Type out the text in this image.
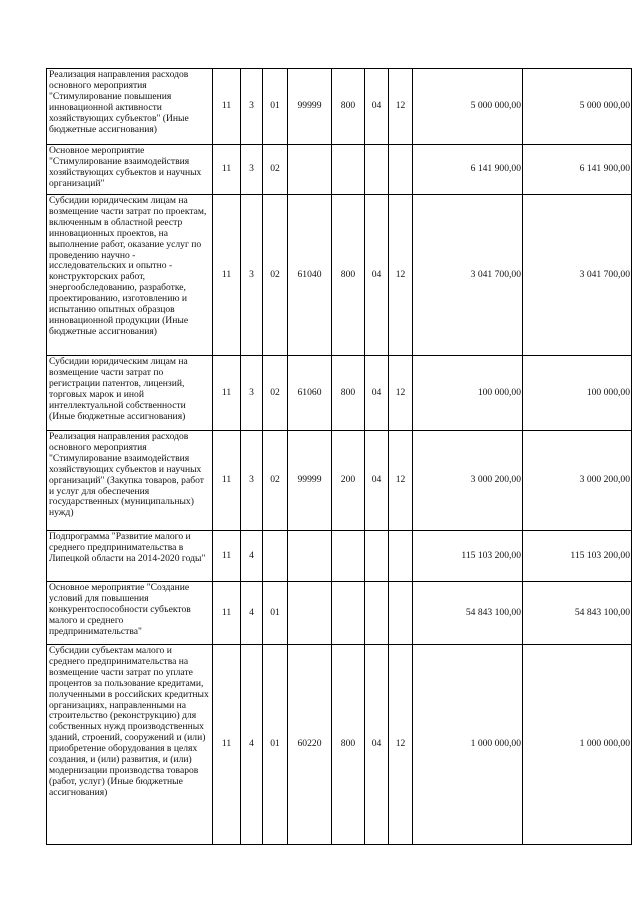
Реализация направления расходов основного мероприятия "Стимулирование повышения инновационной активности хозяйствующих субъектов" (Иные бюджетные ассигнования)	11	3	01	99999	800	04	12	5 000 000,00	5 000 000,00
Основное мероприятие "Стимулирование взаимодействия хозяйствующих субъектов и научных организаций"	11	3	02					6 141 900,00	6 141 900,00
Субсидии юридическим лицам на возмещение части затрат по проектам, включенным в областной реестр инновационных проектов, на выполнение работ, оказание услуг по проведению научно - исследовательских и опытно - конструкторских работ, энергообследованию, разработке, проектированию, изготовлению и испытанию опытных образцов инновационной продукции (Иные бюджетные ассигнования)	11	3	02	61040	800	04	12	3 041 700,00	3 041 700,00
Субсидии юридическим лицам на возмещение части затрат по регистрации патентов, лицензий, торговых марок и иной интеллектуальной собственности (Иные бюджетные ассигнования)	11	3	02	61060	800	04	12	100 000,00	100 000,00
Реализация направления расходов основного мероприятия "Стимулирование взаимодействия хозяйствующих субъектов и научных организаций" (Закупка товаров, работ и услуг для обеспечения государственных (муниципальных) нужд)	11	3	02	99999	200	04	12	3 000 200,00	3 000 200,00
Подпрограмма "Развитие малого и среднего предпринимательства в Липецкой области на 2014-2020 годы"	11	4						115 103 200,00	115 103 200,00
Основное мероприятие "Создание условий для повышения конкурентоспособности субъектов малого и среднего предпринимательства"	11	4	01					54 843 100,00	54 843 100,00
Субсидии субъектам малого и среднего предпринимательства на возмещение части затрат по уплате процентов за пользование кредитами, полученными в российских кредитных организациях, направленными на строительство (реконструкцию) для собственных нужд производственных зданий, строений, сооружений и (или) приобретение оборудования в целях создания, и (или) развития, и (или) модернизации производства товаров (работ, услуг) (Иные бюджетные ассигнования)	11	4	01	60220	800	04	12	1 000 000,00	1 000 000,00
